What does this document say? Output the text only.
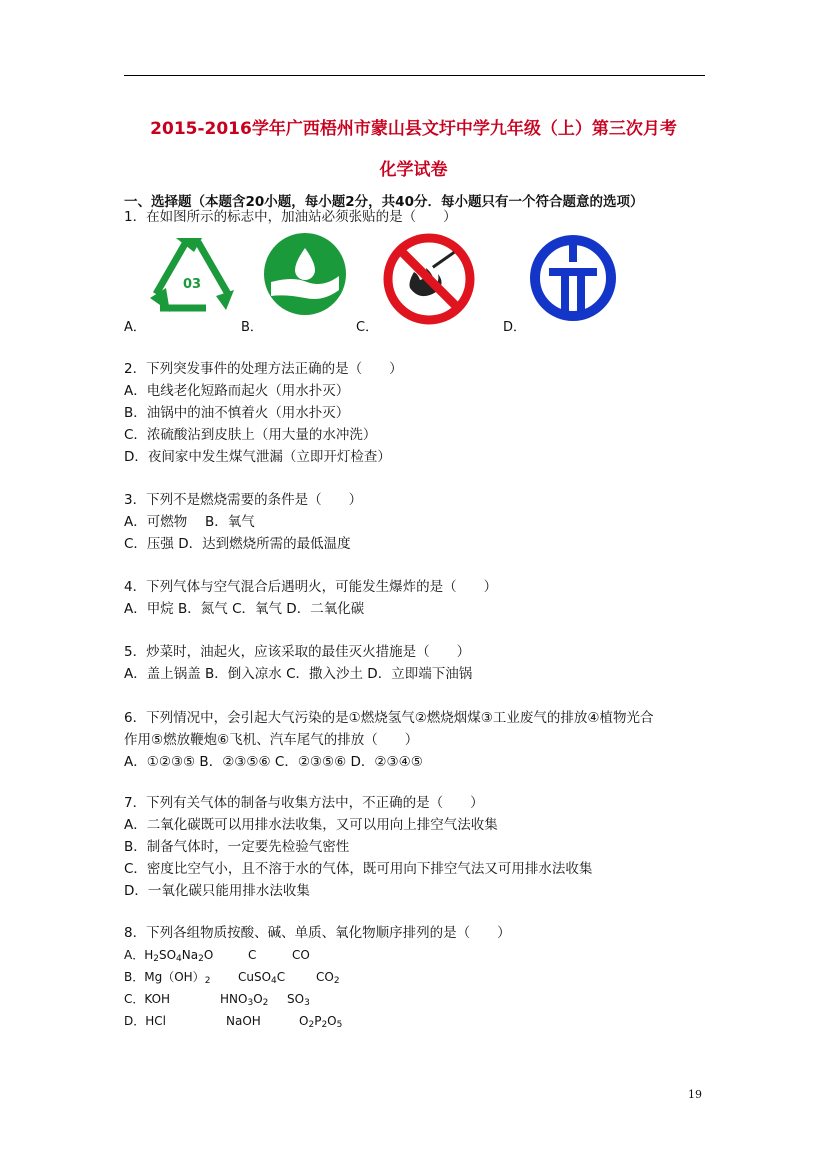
2015-2016学年广西梧州市蒙山县文圩中学九年级（上）第三次月考
化学试卷
一、选择题（本题含20小题，每小题2分，共40分．每小题只有一个符合题意的选项）
1．在如图所示的标志中，加油站必须张贴的是（　　）
03
A．	B．	C．	D．
2．下列突发事件的处理方法正确的是（　　）
A．电线老化短路而起火（用水扑灭）
B．油锅中的油不慎着火（用水扑灭）
C．浓硫酸沾到皮肤上（用大量的水冲洗）
D．夜间家中发生煤气泄漏（立即开灯检查）
3．下列不是燃烧需要的条件是（　　）
A．可燃物　 B．氧气
C．压强 D．达到燃烧所需的最低温度
4．下列气体与空气混合后遇明火，可能发生爆炸的是（　　）
A．甲烷 B．氮气 C．氧气 D．二氧化碳
5．炒菜时，油起火，应该采取的最佳灭火措施是（　　）
A．盖上锅盖 B．倒入凉水 C．撒入沙土 D．立即端下油锅
6．下列情况中，会引起大气污染的是①燃烧氢气②燃烧烟煤③工业废气的排放④植物光合
作用⑤燃放鞭炮⑥飞机、汽车尾气的排放（　　）
A．①②③⑤ B．②③⑤⑥ C．②③⑤⑥ D．②③④⑤
7．下列有关气体的制备与收集方法中，不正确的是（　　）
A．二氧化碳既可以用排水法收集，又可以用向上排空气法收集
B．制备气体时，一定要先检验气密性
C．密度比空气小，且不溶于水的气体，既可用向下排空气法又可用排水法收集
D．一氧化碳只能用排水法收集
8．下列各组物质按酸、碱、单质、氧化物顺序排列的是（　　）
A．$H_2SO_4Na_2O$	C	CO
B．$Mg(OH)_2$ CuSO$_4$C	$CO_2$
C．KOH	$HNO_3O_2$ $SO_3$
D．HCl	NaOH	$O_2P_2O_5$
19
